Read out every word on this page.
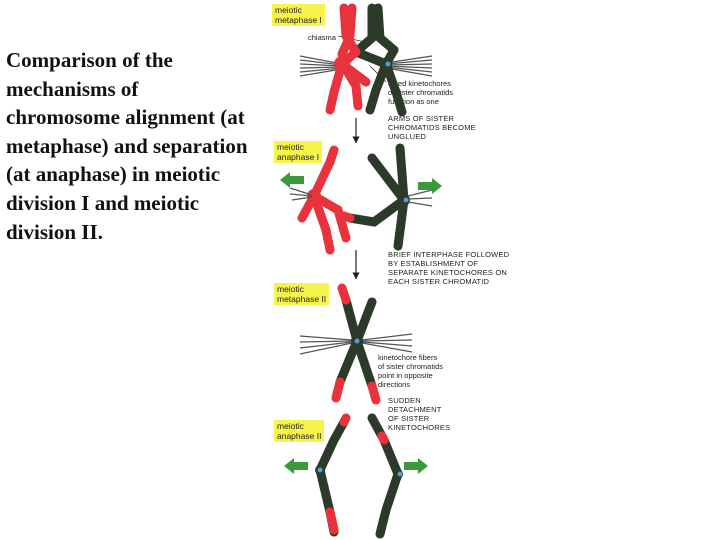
Comparison of the mechanisms of chromosome alignment (at metaphase) and separation (at anaphase) in meiotic division I and meiotic division II.

meiotic
metaphase I
meiotic
anaphase I
meiotic
metaphase II
meiotic
anaphase II
chiasma
fused kinetochores
of sister chromatids
function as one
ARMS OF SISTER
CHROMATIDS BECOME
UNGLUED
BRIEF INTERPHASE FOLLOWED
BY ESTABLISHMENT OF
SEPARATE KINETOCHORES ON
EACH SISTER CHROMATID
kinetochore fibers
of sister chromatids
point in opposite
directions
SUDDEN
DETACHMENT
OF SISTER
KINETOCHORES
